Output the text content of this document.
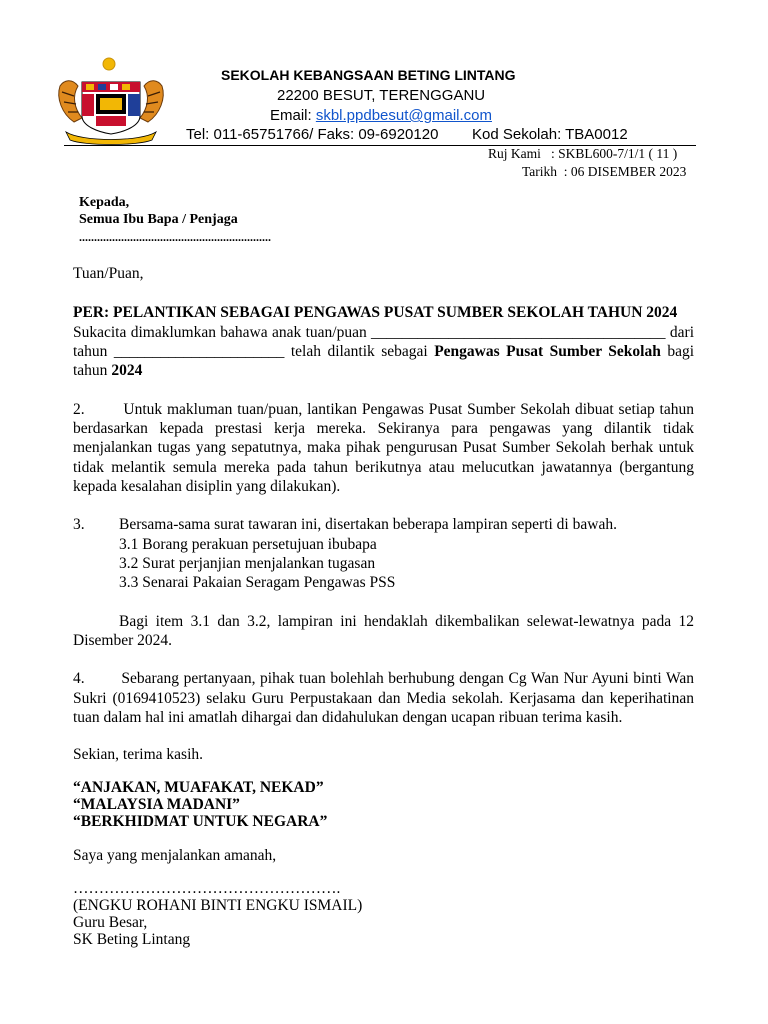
SEKOLAH KEBANGSAAN BETING LINTANG
22200 BESUT, TERENGGANU
Email: skbl.ppdbesut@gmail.com
Tel: 011-65751766/ Faks: 09-6920120 Kod Sekolah: TBA0012
Ruj Kami : SKBL600-7/1/1 ( 11 )
Tarikh : 06 DISEMBER 2023
Kepada,
Semua Ibu Bapa / Penjaga
................................................................
Tuan/Puan,
PER: PELANTIKAN SEBAGAI PENGAWAS PUSAT SUMBER SEKOLAH TAHUN 2024
Sukacita dimaklumkan bahawa anak tuan/puan ______________________________________ dari
tahun ______________________ telah dilantik sebagai Pengawas Pusat Sumber Sekolah bagi
tahun 2024
2.        Untuk makluman tuan/puan, lantikan Pengawas Pusat Sumber Sekolah dibuat setiap tahun
berdasarkan kepada prestasi kerja mereka. Sekiranya para pengawas yang dilantik tidak
menjalankan tugas yang sepatutnya, maka pihak pengurusan Pusat Sumber Sekolah berhak untuk
tidak melantik semula mereka pada tahun berikutnya atau melucutkan jawatannya (bergantung
kepada kesalahan disiplin yang dilakukan).
3. Bersama-sama surat tawaran ini, disertakan beberapa lampiran seperti di bawah.
3.1 Borang perakuan persetujuan ibubapa
3.2 Surat perjanjian menjalankan tugasan
3.3 Senarai Pakaian Seragam Pengawas PSS
Bagi item 3.1 dan 3.2, lampiran ini hendaklah dikembalikan selewat-lewatnya pada 12
Disember 2024.
4.        Sebarang pertanyaan, pihak tuan bolehlah berhubung dengan Cg Wan Nur Ayuni binti Wan
Sukri (0169410523) selaku Guru Perpustakaan dan Media sekolah. Kerjasama dan keperihatinan
tuan dalam hal ini amatlah dihargai dan didahulukan dengan ucapan ribuan terima kasih.
Sekian, terima kasih.
“ANJAKAN, MUAFAKAT, NEKAD”
“MALAYSIA MADANI”
“BERKHIDMAT UNTUK NEGARA”
Saya yang menjalankan amanah,
…………………………………………….
(ENGKU ROHANI BINTI ENGKU ISMAIL)
Guru Besar,
SK Beting Lintang
